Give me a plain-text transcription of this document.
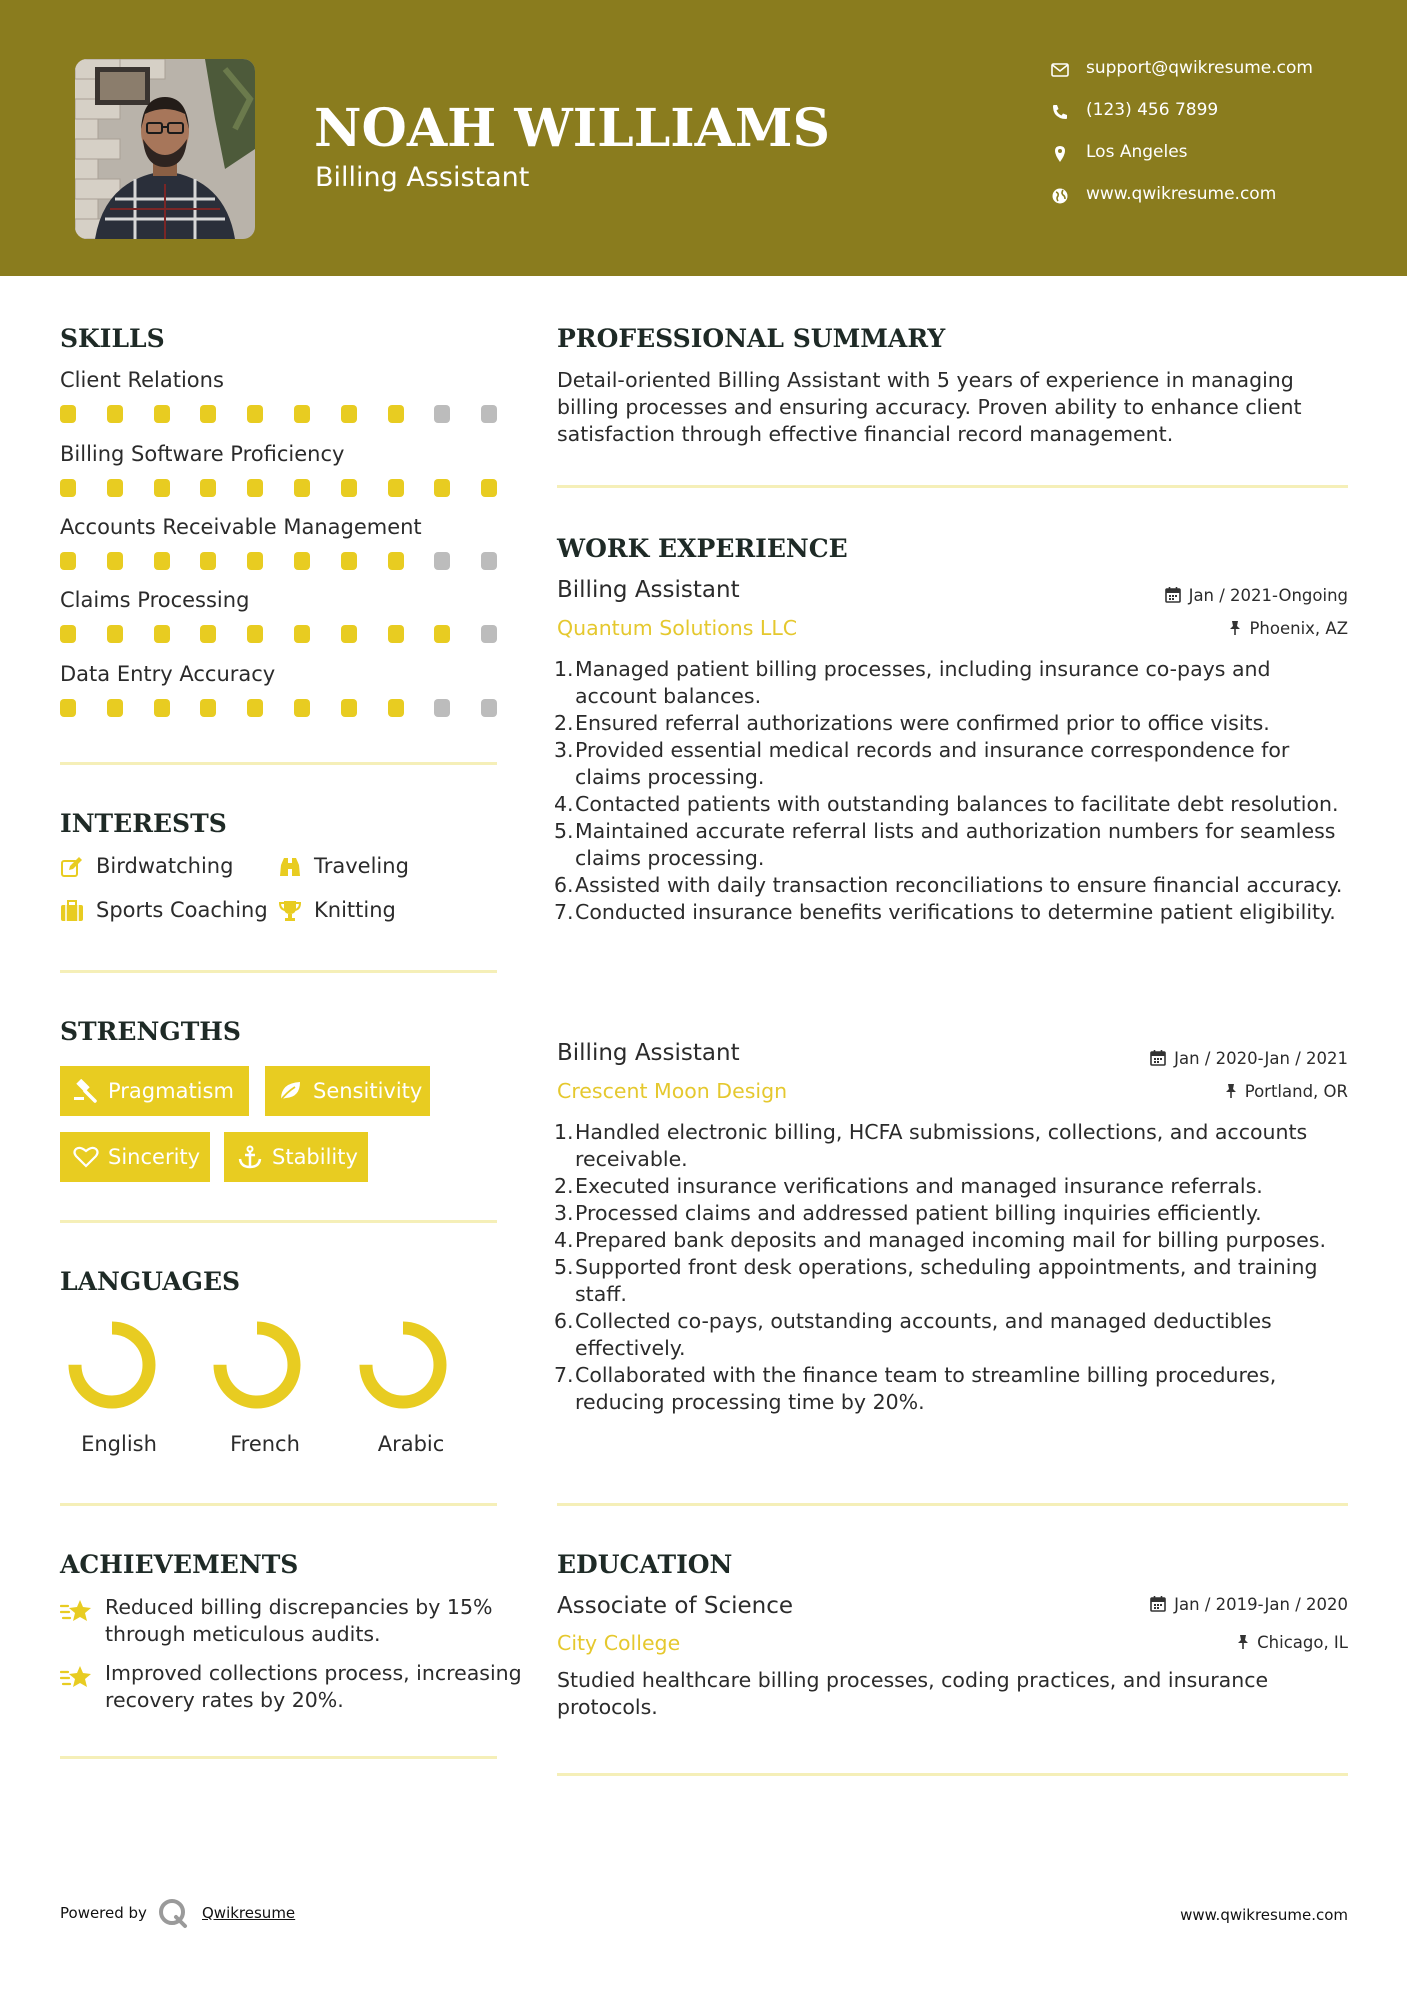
NOAH WILLIAMS
Billing Assistant
support@qwikresume.com
(123) 456 7899
Los Angeles
www.qwikresume.com
SKILLS
Client Relations
Billing Software Proficiency
Accounts Receivable Management
Claims Processing
Data Entry Accuracy
INTERESTS
Birdwatching	Traveling
Sports Coaching Knitting
STRENGTHS
Pragmatism	Sensitivity
Sincerity	Stability
LANGUAGES
English	French	Arabic
ACHIEVEMENTS
Reduced billing discrepancies by 15% through meticulous audits.
Improved collections process, increasing recovery rates by 20%.
PROFESSIONAL SUMMARY
Detail-oriented Billing Assistant with 5 years of experience in managing billing processes and ensuring accuracy. Proven ability to enhance client satisfaction through effective financial record management.
WORK EXPERIENCE
Billing Assistant	Jan / 2021-Ongoing
Quantum Solutions LLC	Phoenix, AZ
1. Managed patient billing processes, including insurance co-pays and account balances.
2. Ensured referral authorizations were confirmed prior to office visits.
3. Provided essential medical records and insurance correspondence for claims processing.
4. Contacted patients with outstanding balances to facilitate debt resolution.
5. Maintained accurate referral lists and authorization numbers for seamless claims processing.
6. Assisted with daily transaction reconciliations to ensure financial accuracy.
7. Conducted insurance benefits verifications to determine patient eligibility.
Billing Assistant	Jan / 2020-Jan / 2021
Crescent Moon Design	Portland, OR
1. Handled electronic billing, HCFA submissions, collections, and accounts receivable.
2. Executed insurance verifications and managed insurance referrals.
3. Processed claims and addressed patient billing inquiries efficiently.
4. Prepared bank deposits and managed incoming mail for billing purposes.
5. Supported front desk operations, scheduling appointments, and training staff.
6. Collected co-pays, outstanding accounts, and managed deductibles effectively.
7. Collaborated with the finance team to streamline billing procedures, reducing processing time by 20%.
EDUCATION
Associate of Science	Jan / 2019-Jan / 2020
City College	Chicago, IL
Studied healthcare billing processes, coding practices, and insurance protocols.
Powered by	Qwikresume	www.qwikresume.com
